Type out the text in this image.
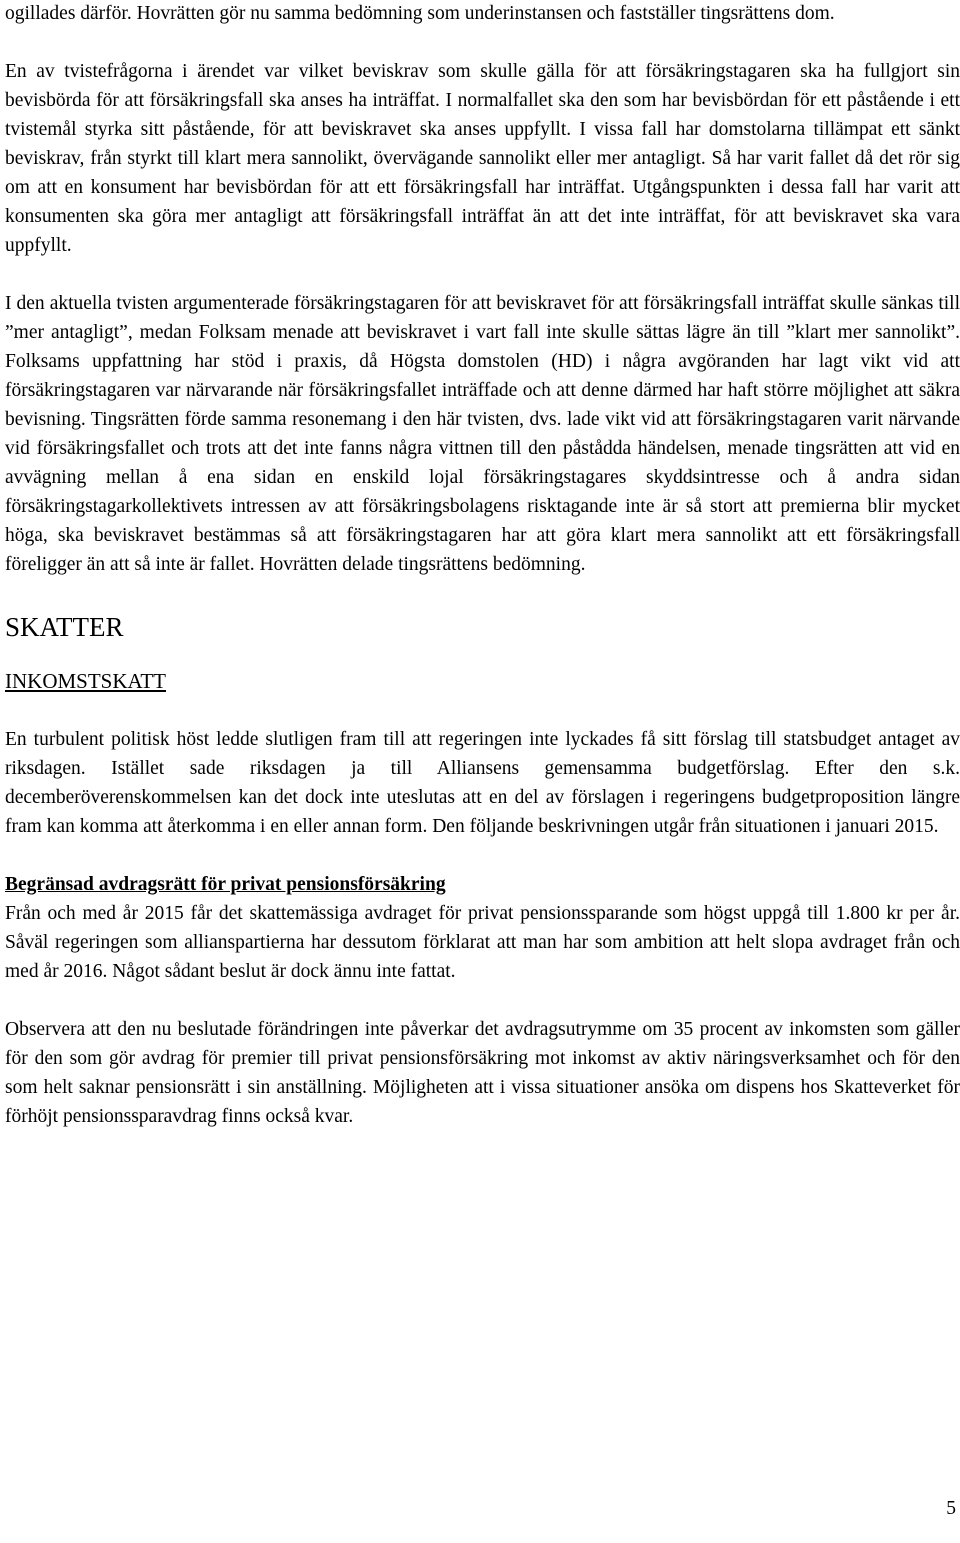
ogillades därför. Hovrätten gör nu samma bedömning som underinstansen och fastställer tingsrättens dom.

En av tvistefrågorna i ärendet var vilket beviskrav som skulle gälla för att försäkringstagaren ska ha fullgjort sin bevisbörda för att försäkringsfall ska anses ha inträffat. I normalfallet ska den som har bevisbördan för ett påstående i ett tvistemål styrka sitt påstående, för att beviskravet ska anses uppfyllt. I vissa fall har domstolarna tillämpat ett sänkt beviskrav, från styrkt till klart mera sannolikt, övervägande sannolikt eller mer antagligt. Så har varit fallet då det rör sig om att en konsument har bevisbördan för att ett försäkringsfall har inträffat. Utgångspunkten i dessa fall har varit att konsumenten ska göra mer antagligt att försäkringsfall inträffat än att det inte inträffat, för att beviskravet ska vara uppfyllt.

I den aktuella tvisten argumenterade försäkringstagaren för att beviskravet för att försäkringsfall inträffat skulle sänkas till ”mer antagligt”, medan Folksam menade att beviskravet i vart fall inte skulle sättas lägre än till ”klart mer sannolikt”. Folksams uppfattning har stöd i praxis, då Högsta domstolen (HD) i några avgöranden har lagt vikt vid att försäkringstagaren var närvarande när försäkringsfallet inträffade och att denne därmed har haft större möjlighet att säkra bevisning. Tingsrätten förde samma resonemang i den här tvisten, dvs. lade vikt vid att försäkringstagaren varit närvande vid försäkringsfallet och trots att det inte fanns några vittnen till den påstådda händelsen, menade tingsrätten att vid en avvägning mellan å ena sidan en enskild lojal försäkringstagares skyddsintresse och å andra sidan försäkringstagarkollektivets intressen av att försäkringsbolagens risktagande inte är så stort att premierna blir mycket höga, ska beviskravet bestämmas så att försäkringstagaren har att göra klart mera sannolikt att ett försäkringsfall föreligger än att så inte är fallet. Hovrätten delade tingsrättens bedömning.

SKATTER
INKOMSTSKATT

En turbulent politisk höst ledde slutligen fram till att regeringen inte lyckades få sitt förslag till statsbudget antaget av riksdagen. Istället sade riksdagen ja till Alliansens gemensamma budgetförslag. Efter den s.k. decemberöverenskommelsen kan det dock inte uteslutas att en del av förslagen i regeringens budgetproposition längre fram kan komma att återkomma i en eller annan form. Den följande beskrivningen utgår från situationen i januari 2015.

Begränsad avdragsrätt för privat pensionsförsäkring

Från och med år 2015 får det skattemässiga avdraget för privat pensionssparande som högst uppgå till 1.800 kr per år. Såväl regeringen som allianspartierna har dessutom förklarat att man har som ambition att helt slopa avdraget från och med år 2016. Något sådant beslut är dock ännu inte fattat.

Observera att den nu beslutade förändringen inte påverkar det avdragsutrymme om 35 procent av inkomsten som gäller för den som gör avdrag för premier till privat pensionsförsäkring mot inkomst av aktiv näringsverksamhet och för den som helt saknar pensionsrätt i sin anställning. Möjligheten att i vissa situationer ansöka om dispens hos Skatteverket för förhöjt pensionssparavdrag finns också kvar.

5
